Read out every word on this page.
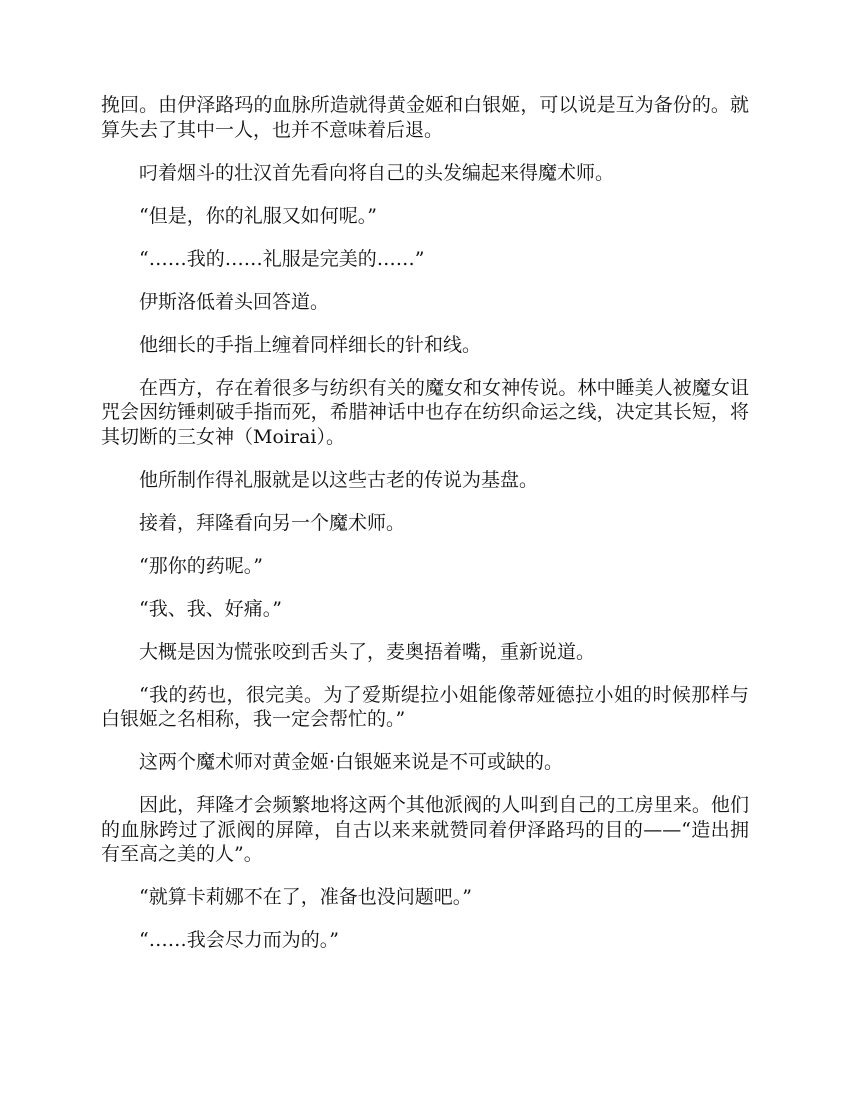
挽回。由伊泽路玛的血脉所造就得黄金姬和白银姬，可以说是互为备份的。就算失去了其中一人，也并不意味着后退。

叼着烟斗的壮汉首先看向将自己的头发编起来得魔术师。

“但是，你的礼服又如何呢。”

“……我的……礼服是完美的……”

伊斯洛低着头回答道。

他细长的手指上缠着同样细长的针和线。

在西方，存在着很多与纺织有关的魔女和女神传说。林中睡美人被魔女诅咒会因纺锤刺破手指而死，希腊神话中也存在纺织命运之线，决定其长短，将其切断的三女神（Moirai）。

他所制作得礼服就是以这些古老的传说为基盘。

接着，拜隆看向另一个魔术师。

“那你的药呢。”

“我、我、好痛。”

大概是因为慌张咬到舌头了，麦奥捂着嘴，重新说道。

“我的药也，很完美。为了爱斯缇拉小姐能像蒂娅德拉小姐的时候那样与白银姬之名相称，我一定会帮忙的。”

这两个魔术师对黄金姬·白银姬来说是不可或缺的。

因此，拜隆才会频繁地将这两个其他派阀的人叫到自己的工房里来。他们的血脉跨过了派阀的屏障，自古以来来就赞同着伊泽路玛的目的——“造出拥有至高之美的人”。

“就算卡莉娜不在了，准备也没问题吧。”

“……我会尽力而为的。”
